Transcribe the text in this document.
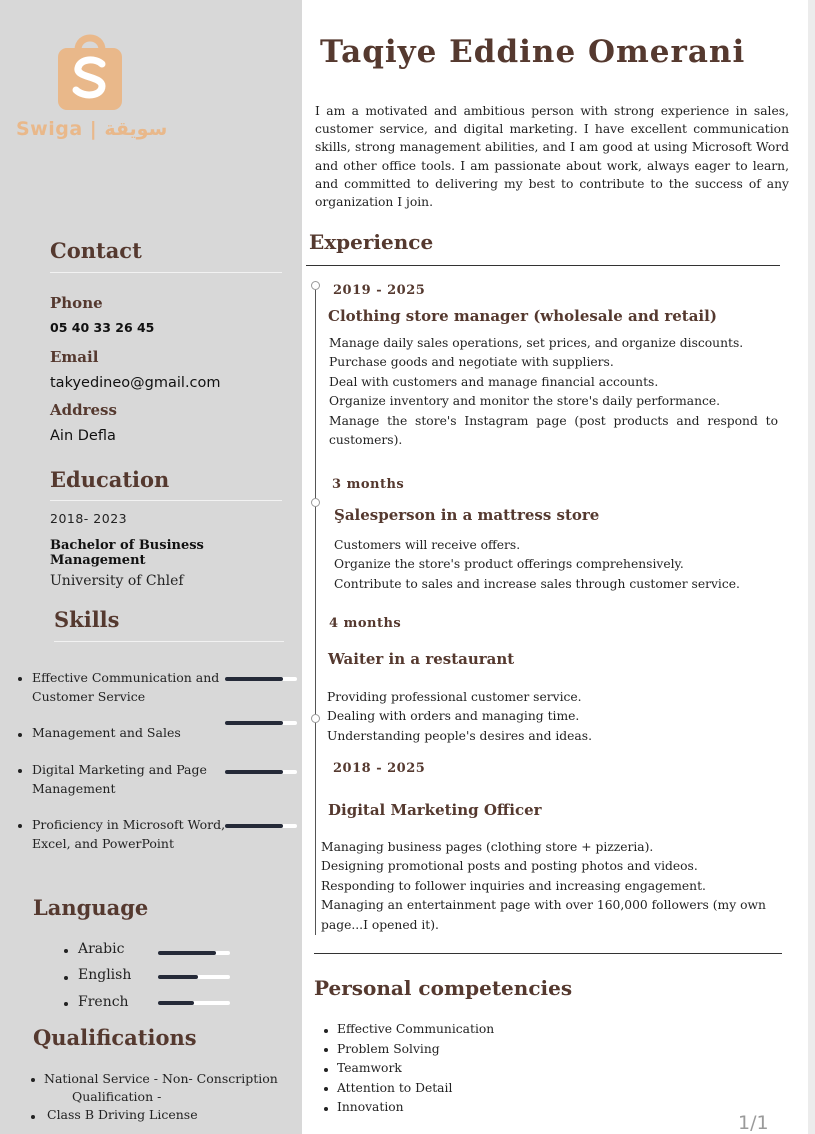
Swiga | سويقة
Contact
Phone
05 40 33 26 45
Email
takyedineo@gmail.com
Address
Ain Defla
Education
2018- 2023
Bachelor of Business
Management
University of Chlef
Skills
Effective Communication and
Customer Service
Management and Sales
Digital Marketing and Page
Management
Proficiency in Microsoft Word,
Excel, and PowerPoint
Language
Arabic
English
French
Qualifications
National Service - Non- Conscription
Qualification -
Class B Driving License
Taqiye Eddine Omerani
I am a motivated and ambitious person with strong experience in sales, customer service, and digital marketing. I have excellent communication skills, strong management abilities, and I am good at using Microsoft Word and other office tools. I am passionate about work, always eager to learn, and committed to delivering my best to contribute to the success of any organization I join.
Experience
2019 - 2025
Clothing store manager (wholesale and retail)
Manage daily sales operations, set prices, and organize discounts.
Purchase goods and negotiate with suppliers.
Deal with customers and manage financial accounts.
Organize inventory and monitor the store's daily performance.
Manage the store's Instagram page (post products and respond to customers).
3 months
Şalesperson in a mattress store
Customers will receive offers.
Organize the store's product offerings comprehensively.
Contribute to sales and increase sales through customer service.
4 months
Waiter in a restaurant
Providing professional customer service.
Dealing with orders and managing time.
Understanding people's desires and ideas.
2018 - 2025
Digital Marketing Officer
Managing business pages (clothing store + pizzeria).
Designing promotional posts and posting photos and videos.
Responding to follower inquiries and increasing engagement.
Managing an entertainment page with over 160,000 followers (my own page...I opened it).
Personal competencies
Effective Communication
Problem Solving
Teamwork
Attention to Detail
Innovation
1/1
